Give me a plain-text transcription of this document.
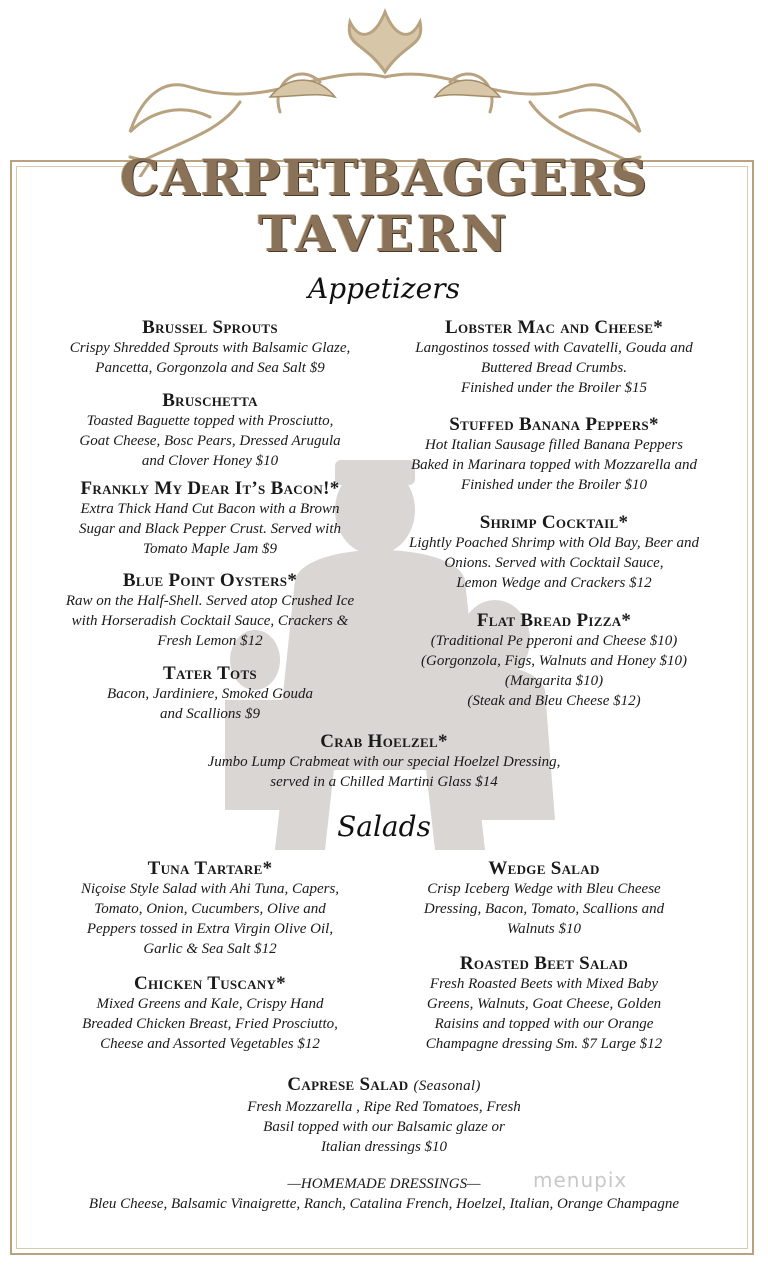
CARPETBAGGERS
TAVERN
Appetizers
Brussel Sprouts
Crispy Shredded Sprouts with Balsamic Glaze,
Pancetta, Gorgonzola and Sea Salt $9
Bruschetta
Toasted Baguette topped with Prosciutto,
Goat Cheese, Bosc Pears, Dressed Arugula
and Clover Honey $10
Frankly My Dear It’s Bacon!*
Extra Thick Hand Cut Bacon with a Brown
Sugar and Black Pepper Crust. Served with
Tomato Maple Jam $9
Blue Point Oysters*
Raw on the Half-Shell. Served atop Crushed Ice
with Horseradish Cocktail Sauce, Crackers &
Fresh Lemon $12
Tater Tots
Bacon, Jardiniere, Smoked Gouda
and Scallions $9
Lobster Mac and Cheese*
Langostinos tossed with Cavatelli, Gouda and
Buttered Bread Crumbs.
Finished under the Broiler $15
Stuffed Banana Peppers*
Hot Italian Sausage filled Banana Peppers
Baked in Marinara topped with Mozzarella and
Finished under the Broiler $10
Shrimp Cocktail*
Lightly Poached Shrimp with Old Bay, Beer and
Onions. Served with Cocktail Sauce,
Lemon Wedge and Crackers $12
Flat Bread Pizza*
(Traditional Pe pperoni and Cheese $10)
(Gorgonzola, Figs, Walnuts and Honey $10)
(Margarita $10)
(Steak and Bleu Cheese $12)
Crab Hoelzel*
Jumbo Lump Crabmeat with our special Hoelzel Dressing,
served in a Chilled Martini Glass $14
Salads
Tuna Tartare*
Niçoise Style Salad with Ahi Tuna, Capers,
Tomato, Onion, Cucumbers, Olive and
Peppers tossed in Extra Virgin Olive Oil,
Garlic & Sea Salt $12
Chicken Tuscany*
Mixed Greens and Kale, Crispy Hand
Breaded Chicken Breast, Fried Prosciutto,
Cheese and Assorted Vegetables $12
Wedge Salad
Crisp Iceberg Wedge with Bleu Cheese
Dressing, Bacon, Tomato, Scallions and
Walnuts $10
Roasted Beet Salad
Fresh Roasted Beets with Mixed Baby
Greens, Walnuts, Goat Cheese, Golden
Raisins and topped with our Orange
Champagne dressing Sm. $7 Large $12
Caprese Salad (Seasonal)
Fresh Mozzarella , Ripe Red Tomatoes, Fresh
Basil topped with our Balsamic glaze or
Italian dressings $10
menupix
—HOMEMADE DRESSINGS—
Bleu Cheese, Balsamic Vinaigrette, Ranch, Catalina French, Hoelzel, Italian, Orange Champagne
